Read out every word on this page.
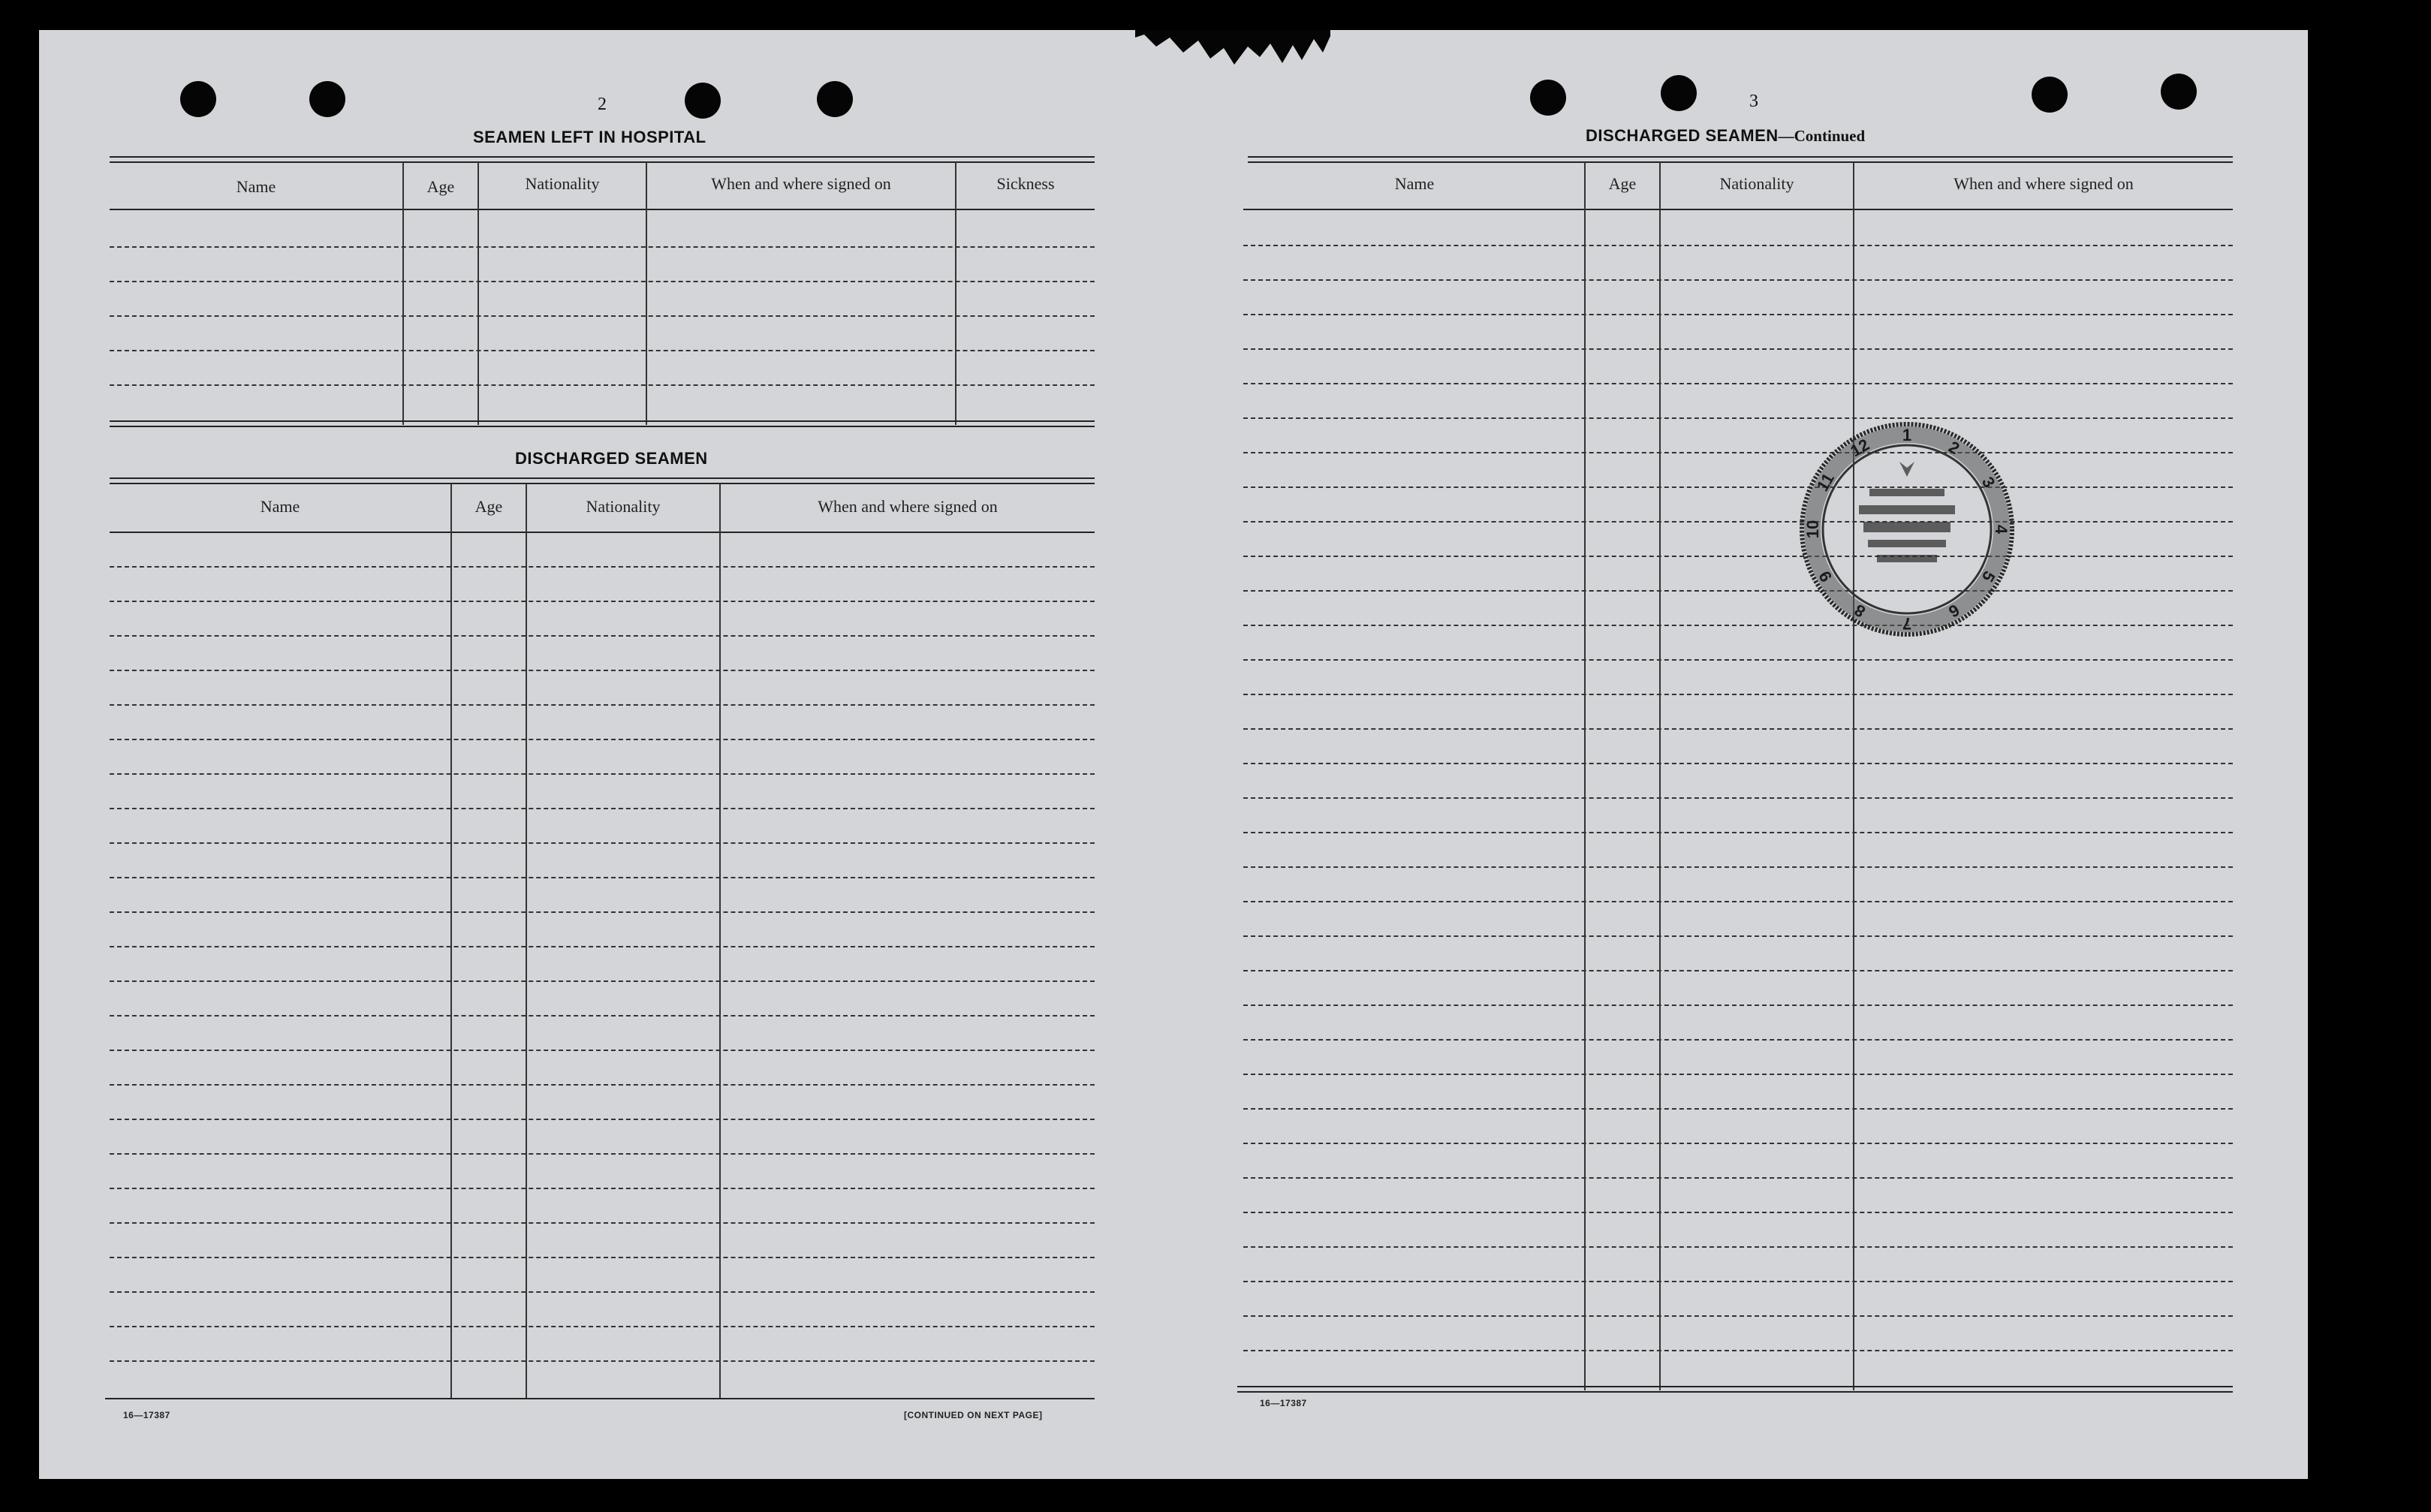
2
SEAMEN LEFT IN HOSPITAL
Name	Age	Nationality	When and where signed on	Sickness
DISCHARGED SEAMEN
Name	Age	Nationality	When and where signed on
16—17387	[CONTINUED ON NEXT PAGE]
3
DISCHARGED SEAMEN—Continued
Name	Age	Nationality	When and where signed on
16—17387
1
2
3
4
5
6
7
8
9
10
11
12
